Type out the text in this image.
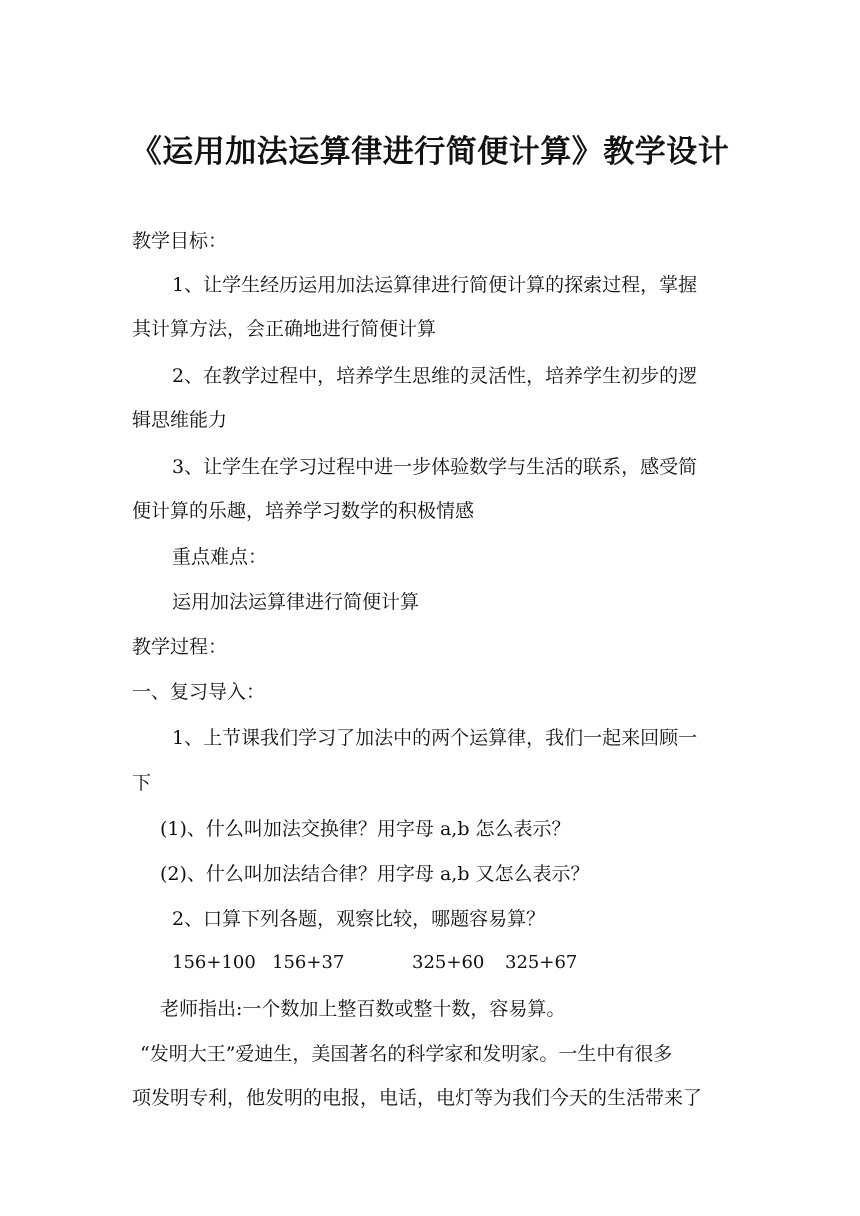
《运用加法运算律进行简便计算》教学设计
教学目标：
1、让学生经历运用加法运算律进行简便计算的探索过程，掌握
其计算方法，会正确地进行简便计算
2、在教学过程中，培养学生思维的灵活性，培养学生初步的逻
辑思维能力
3、让学生在学习过程中进一步体验数学与生活的联系，感受简
便计算的乐趣，培养学习数学的积极情感
重点难点：
运用加法运算律进行简便计算
教学过程：
一、复习导入：
1、上节课我们学习了加法中的两个运算律，我们一起来回顾一
下
(1)、什么叫加法交换律？用字母 a,b 怎么表示？
(2)、什么叫加法结合律？用字母 a,b 又怎么表示？
2、口算下列各题，观察比较，哪题容易算？
156+100 156+37	325+60 325+67
老师指出:一个数加上整百数或整十数，容易算。
“发明大王”爱迪生，美国著名的科学家和发明家。一生中有很多
项发明专利，他发明的电报，电话，电灯等为我们今天的生活带来了
